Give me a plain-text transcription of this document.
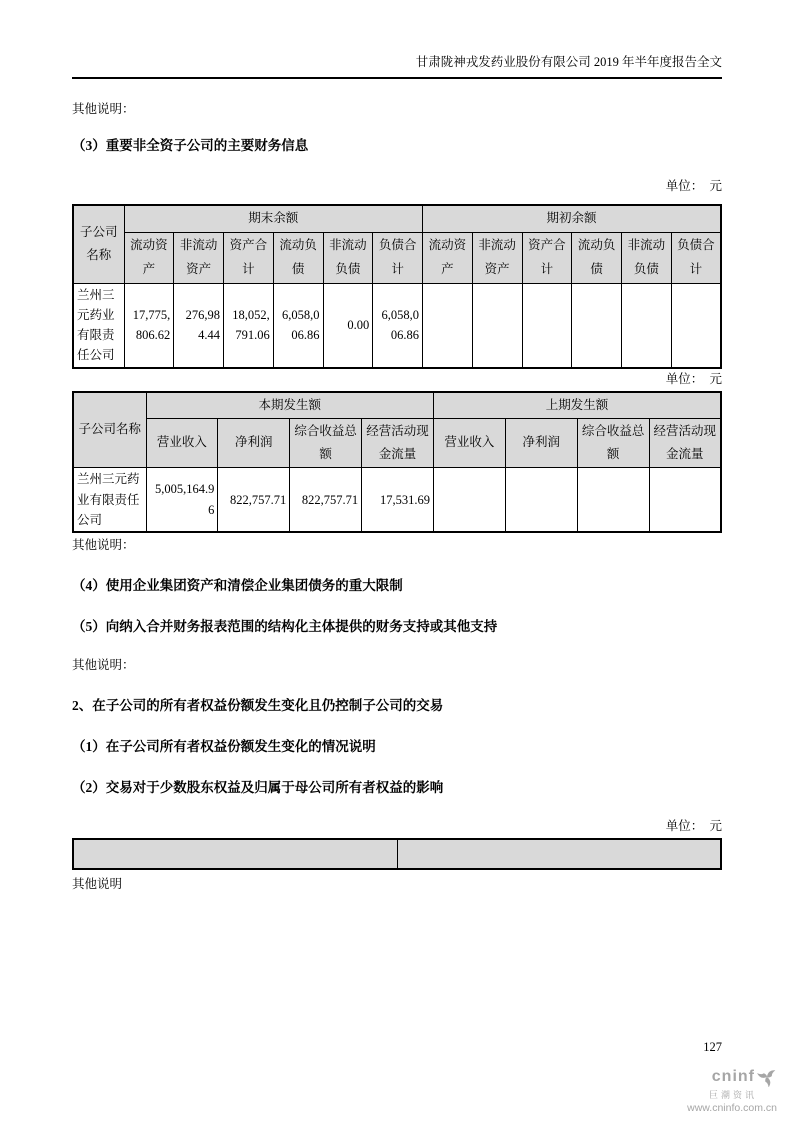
甘肃陇神戎发药业股份有限公司 2019 年半年度报告全文

其他说明：

（3）重要非全资子公司的主要财务信息
单位：　元
子公司名称	期末余额						期初余额					
	流动资产	非流动资产	资产合计	流动负债	非流动负债	负债合计	流动资产	非流动资产	资产合计	流动负债	非流动负债	负债合计
兰州三元药业有限责任公司	17,775,806.62	276,984.44	18,052,791.06	6,058,006.86	0.00	6,058,006.86						
单位：　元
子公司名称	本期发生额				上期发生额			
	营业收入	净利润	综合收益总额	经营活动现金流量	营业收入	净利润	综合收益总额	经营活动现金流量
兰州三元药业有限责任公司	5,005,164.96	822,757.71	822,757.71	17,531.69				

其他说明：

（4）使用企业集团资产和清偿企业集团债务的重大限制
（5）向纳入合并财务报表范围的结构化主体提供的财务支持或其他支持

其他说明：

2、在子公司的所有者权益份额发生变化且仍控制子公司的交易
（1）在子公司所有者权益份额发生变化的情况说明
（2）交易对于少数股东权益及归属于母公司所有者权益的影响
单位：　元

其他说明

127
cninf
巨潮资讯
www.cninfo.com.cn
